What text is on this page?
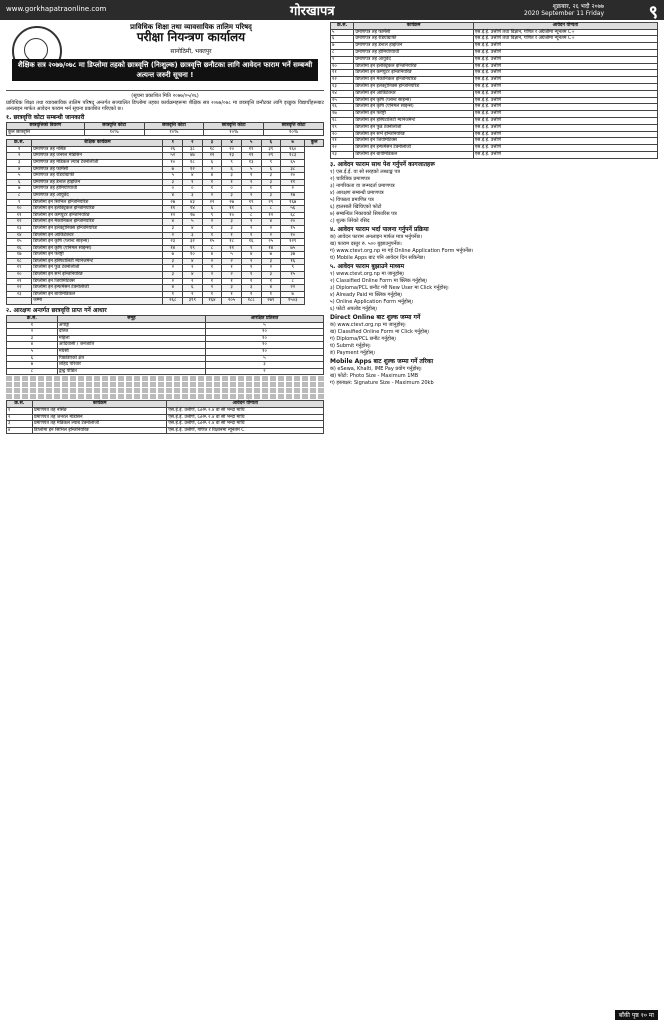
www.gorkhapatraonline.com	गोरखापत्र	शुक्रबार, २६ भदौ २०७७
2020 September 11 Friday ९
प्राविधिक शिक्षा तथा व्यावसायिक तालिम परिषद्
परीक्षा नियन्त्रण कार्यालय
सानोठिमी, भक्तपुर
शैक्षिक सत्र २०७७/०७८ मा डिप्लोमा तहको छात्रवृत्ति (निःशुल्क) छात्रवृत्ति छनौटका लागि आवेदन फाराम भर्ने सम्बन्धी अत्यन्त जरुरी सूचना !
(सूचना प्रकाशित मिति २०७७/०५/२६)
प्राविधिक शिक्षा तथा व्यावसायिक तालिम परिषद् अन्तर्गत सञ्चालित डिप्लोमा तहका कार्यक्रमहरूमा शैक्षिक सत्र २०७७/०७८ मा छात्रवृत्ति छनौटका लागि इच्छुक विद्यार्थीहरूबाट अनलाइन मार्फत आवेदन फाराम भर्न सूचना प्रकाशित गरिएको छ।
१. छात्रवृत्ति कोटा सम्बन्धी जानकारी
छात्रवृत्तिको विवरण	छात्रवृत्ति कोटा	छात्रवृत्ति कोटा	छात्रवृत्ति कोटा	छात्रवृत्ति कोटा
कुल छात्रवृत्ति	१०%	१०%	१०%	१०%
क्र.सं.	शैक्षिक कार्यक्रम	१	२	३	४	५	६	७	कुल
१	प्रमाणपत्र तह नर्सिङ	२६	३८	१८	२०	१९	३९	१६०	
२	प्रमाणपत्र तह जनरल मेडिसिन	५२	४७	२१	१३	२१	२९	१८३	
३	प्रमाणपत्र तह मेडिकल ल्याब टेक्नोलोजी	१०	१८	६	९	१३	९	६५	
४	प्रमाणपत्र तह फार्मेसी	७	१२	२	६	५	६	३८	
५	प्रमाणपत्र तह रेडियोग्राफी	५	४	४	३	१	३	२०	
६	प्रमाणपत्र तह डेन्टल हाइजिन	३	१	१	१	२	३	११	
७	प्रमाणपत्र तह होमियोप्याथी	०	०	१	०	०	१	२	
८	प्रमाणपत्र तह आयुर्वेद	४	३	२	३	२	३	१७	
९	डिप्लोमा इन सिभिल इन्जिनियरिङ	२७	४३	२२	२७	१९	२९	१६७	
१०	डिप्लोमा इन इलेक्ट्रिकल इन्जिनियरिङ	११	१४	६	११	६	८	५६	
११	डिप्लोमा इन कम्प्युटर इन्जिनियरिङ	१२	१७	९	१०	८	१२	६८	
१२	डिप्लोमा इन मेकानिकल इन्जिनियरिङ	४	५	२	३	२	४	२०	
१३	डिप्लोमा इन इलेक्ट्रोनिक्स इन्जिनियरिङ	३	४	१	३	२	२	१५	
१४	डिप्लोमा इन आर्किटेक्चर	२	३	१	१	१	२	१०	
१५	डिप्लोमा इन कृषि (प्लान्ट साइन्स)	२३	३२	१५	१८	१६	२५	१२९	
१६	डिप्लोमा इन कृषि (एनिमल साइन्स)	१४	१९	८	११	९	१४	७५	
१७	डिप्लोमा इन फरेष्ट्री	७	१०	४	५	४	७	३७	
१८	डिप्लोमा इन हस्पिटालिटी म्यानेजमेन्ट	३	४	२	२	२	३	१६	
१९	डिप्लोमा इन फुड टेक्नोलोजी	२	२	१	१	१	२	९	
२०	डिप्लोमा इन सर्भे इन्जिनियरिङ	३	४	२	२	१	३	१५	
२१	डिप्लोमा इन जियोमेटिक्स	२	२	१	१	१	१	८	
२२	डिप्लोमा इन इन्फर्मेसन टेक्नोलोजी	४	६	२	३	३	४	२२	
२३	डिप्लोमा इन बायोमेडिकल	१	२	१	१	१	१	७	
	जम्मा	२६८	३९९	१६४	२०५	१८८	२७९	१५०३	
२. आरक्षण अन्तर्गत छात्रवृत्ति प्राप्त गर्ने आधार
क्र.सं.	समूह	आरक्षित प्रतिशत
१	अपाङ्ग	५
२	दलित	१०
३	महिला	१०
४	आदिवासी / जनजाति	१०
५	मधेसी	१०
६	पिछडिएको क्षेत्र	५
७	शहिद परिवार	३
८	द्वन्द्व पीडित	२
क्र.सं.	कार्यक्रम	आवेदन योग्यता
१	प्रमाणपत्र तह नर्सिङ	एस.ई.ई. उत्तीर्ण, GPA २.४ वा सो भन्दा माथि
२	प्रमाणपत्र तह जनरल मेडिसिन	एस.ई.ई. उत्तीर्ण, GPA २.४ वा सो भन्दा माथि
३	प्रमाणपत्र तह मेडिकल ल्याब टेक्नोलोजी	एस.ई.ई. उत्तीर्ण, GPA २.४ वा सो भन्दा माथि
४	डिप्लोमा इन सिभिल इन्जिनियरिङ	एस.ई.ई. उत्तीर्ण, गणित र विज्ञानमा न्यूनतम C
क्र.सं.	कार्यक्रम	आवेदन योग्यता
५	प्रमाणपत्र तह फार्मेसी	एस.ई.ई. उत्तीर्ण तथा विज्ञान, गणित र अंग्रेजीमा न्यूनतम C+
६	प्रमाणपत्र तह रेडियोग्राफी	एस.ई.ई. उत्तीर्ण तथा विज्ञान, गणित र अंग्रेजीमा न्यूनतम C+
७	प्रमाणपत्र तह डेन्टल हाइजिन	एस.ई.ई. उत्तीर्ण
८	प्रमाणपत्र तह होमियोप्याथी	एस.ई.ई. उत्तीर्ण
९	प्रमाणपत्र तह आयुर्वेद	एस.ई.ई. उत्तीर्ण
१०	डिप्लोमा इन इलेक्ट्रिकल इन्जिनियरिङ	एस.ई.ई. उत्तीर्ण
११	डिप्लोमा इन कम्प्युटर इन्जिनियरिङ	एस.ई.ई. उत्तीर्ण
१२	डिप्लोमा इन मेकानिकल इन्जिनियरिङ	एस.ई.ई. उत्तीर्ण
१३	डिप्लोमा इन इलेक्ट्रोनिक्स इन्जिनियरिङ	एस.ई.ई. उत्तीर्ण
१४	डिप्लोमा इन आर्किटेक्चर	एस.ई.ई. उत्तीर्ण
१५	डिप्लोमा इन कृषि (प्लान्ट साइन्स)	एस.ई.ई. उत्तीर्ण
१६	डिप्लोमा इन कृषि (एनिमल साइन्स)	एस.ई.ई. उत्तीर्ण
१७	डिप्लोमा इन फरेष्ट्री	एस.ई.ई. उत्तीर्ण
१८	डिप्लोमा इन हस्पिटालिटी म्यानेजमेन्ट	एस.ई.ई. उत्तीर्ण
१९	डिप्लोमा इन फुड टेक्नोलोजी	एस.ई.ई. उत्तीर्ण
२०	डिप्लोमा इन सर्भे इन्जिनियरिङ	एस.ई.ई. उत्तीर्ण
२१	डिप्लोमा इन जियोमेटिक्स	एस.ई.ई. उत्तीर्ण
२२	डिप्लोमा इन इन्फर्मेसन टेक्नोलोजी	एस.ई.ई. उत्तीर्ण
२३	डिप्लोमा इन बायोमेडिकल	एस.ई.ई. उत्तीर्ण
३. आवेदन फाराम साथ पेश गर्नुपर्ने कागजातहरू
१) एस.ई.ई. वा सो सरहको लब्धाङ्क पत्र
२) चारित्रिक प्रमाणपत्र
३) नागरिकता वा जन्मदर्ता प्रमाणपत्र
४) आरक्षण सम्बन्धी प्रमाणपत्र
५) विपन्नता प्रमाणित पत्र
६) हालसालै खिचिएको फोटो
७) सम्बन्धित निकायको सिफारिस पत्र
८) शुल्क तिरेको रसिद
४. आवेदन फाराम भर्दा पालना गर्नुपर्ने प्रक्रिया
क) आवेदन फाराम अनलाइन मार्फत मात्र भर्नुपर्नेछ।
ख) फाराम दस्तुर रु. ५०० बुझाउनुपर्नेछ।
ग) www.ctevt.org.np मा गई Online Application Form भर्नुपर्नेछ।
घ) Mobile Apps बाट पनि आवेदन दिन सकिनेछ।
५. आवेदन फाराम बुझाउने माध्यम
१) www.ctevt.org.np मा जानुहोस्।
२) Classified Online Form मा क्लिक गर्नुहोस्।
३) Diploma/PCL छनौट गरी New User मा Click गर्नुहोस्।
४) Already Paid मा क्लिक गर्नुहोस्।
५) Online Application Form भर्नुहोस्।
६) फोटो अपलोड गर्नुहोस्।
Direct Online बाट शुल्क जम्मा गर्ने
क) www.ctevt.org.np मा जानुहोस्।
ख) Classified Online Form मा Click गर्नुहोस्।
ग) Diploma/PCL छनौट गर्नुहोस्।
घ) Submit गर्नुहोस्।
ङ) Payment गर्नुहोस्।
Mobile Apps बाट शुल्क जम्मा गर्ने तरिका
क) eSewa, Khalti, IME Pay प्रयोग गर्नुहोस्।
ख) फोटो: Photo Size - Maximum 1MB
ग) हस्ताक्षर: Signature Size - Maximum 20kb
बाँकी पृष्ठ १० मा
